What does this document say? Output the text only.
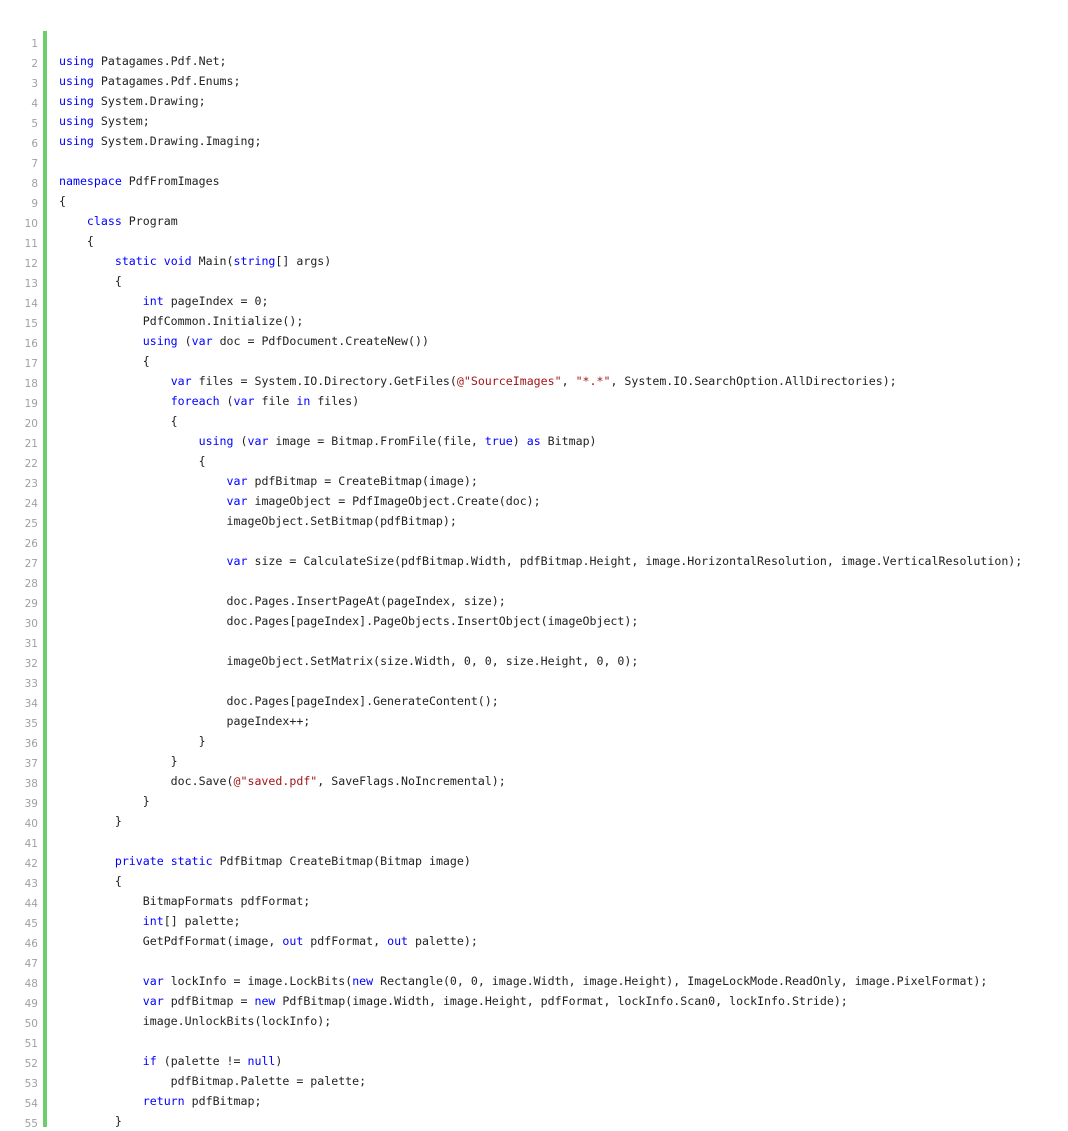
1
2 using Patagames.Pdf.Net;
3 using Patagames.Pdf.Enums;
4 using System.Drawing;
5 using System;
6 using System.Drawing.Imaging;
7
8 namespace PdfFromImages
9 {
10	class Program
11 {
12	static void Main(string[] args)
13 {
14	int pageIndex = 0;
15 PdfCommon.Initialize();
16	using (var doc = PdfDocument.CreateNew())
17 {
18	var files = System.IO.Directory.GetFiles(@"SourceImages", "*.*", System.IO.SearchOption.AllDirectories);
19	foreach (var file in files)
20 {
21	using (var image = Bitmap.FromFile(file, true) as Bitmap)
22 {
23	var pdfBitmap = CreateBitmap(image);
24	var imageObject = PdfImageObject.Create(doc);
25 imageObject.SetBitmap(pdfBitmap);
26
27	var size = CalculateSize(pdfBitmap.Width, pdfBitmap.Height, image.HorizontalResolution, image.VerticalResolution);
28
29 doc.Pages.InsertPageAt(pageIndex, size);
30 doc.Pages[pageIndex].PageObjects.InsertObject(imageObject);
31
32 imageObject.SetMatrix(size.Width, 0, 0, size.Height, 0, 0);
33
34 doc.Pages[pageIndex].GenerateContent();
35 pageIndex++;
36 }
37 }
38 doc.Save(@"saved.pdf", SaveFlags.NoIncremental);
39 }
40 }
41
42	private static PdfBitmap CreateBitmap(Bitmap image)
43 {
44 BitmapFormats pdfFormat;
45	int[] palette;
46 GetPdfFormat(image, out pdfFormat, out palette);
47
48	var lockInfo = image.LockBits(new Rectangle(0, 0, image.Width, image.Height), ImageLockMode.ReadOnly, image.PixelFormat);
49	var pdfBitmap = new PdfBitmap(image.Width, image.Height, pdfFormat, lockInfo.Scan0, lockInfo.Stride);
50 image.UnlockBits(lockInfo);
51
52	if (palette != null)
53 pdfBitmap.Palette = palette;
54	return pdfBitmap;
55 }
